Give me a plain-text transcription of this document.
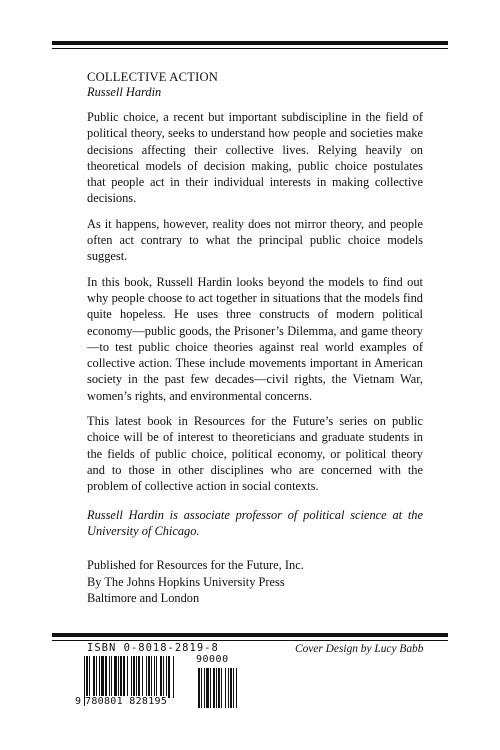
COLLECTIVE ACTION

Russell Hardin

Public choice, a recent but important subdiscipline in the field of political theory, seeks to understand how people and societies make decisions affecting their collective lives. Relying heavily on theoretical models of decision making, public choice postulates that people act in their individual interests in making collective decisions.

As it happens, however, reality does not mirror theory, and people often act contrary to what the principal public choice models suggest.

In this book, Russell Hardin looks beyond the models to find out why people choose to act together in situations that the models find quite hopeless. He uses three constructs of modern political economy—public goods, the Prisoner’s Dilemma, and game theory—to test public choice theories against real world examples of collective action. These include movements important in American society in the past few decades—civil rights, the Vietnam War, women’s rights, and environmental concerns.

This latest book in Resources for the Future’s series on public choice will be of interest to theoreticians and graduate students in the fields of public choice, political economy, or political theory and to those in other disciplines who are concerned with the problem of collective action in social contexts.

Russell Hardin is associate professor of political science at the University of Chicago.

Published for Resources for the Future, Inc.
By The Johns Hopkins University Press
Baltimore and London
ISBN 0-8018-2819-8	Cover Design by Lucy Babb
9 780801 828195
90000
